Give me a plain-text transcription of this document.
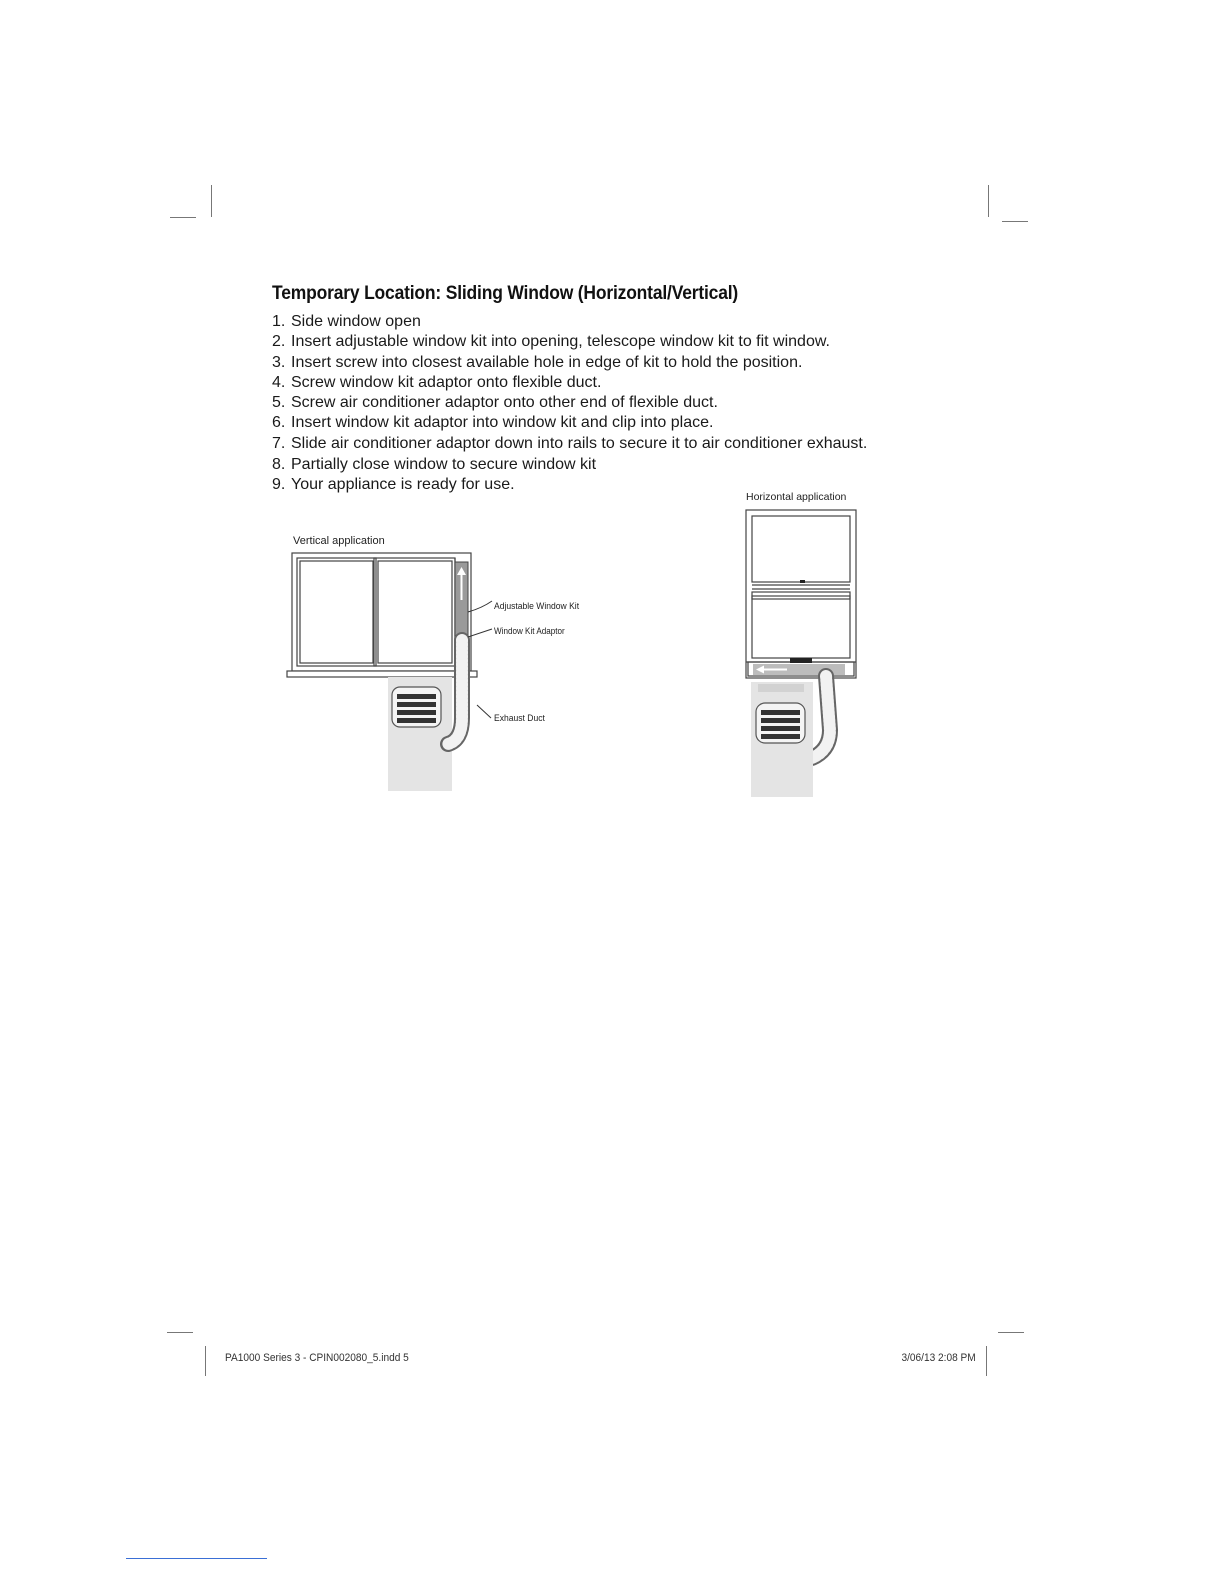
Temporary Location: Sliding Window (Horizontal/Vertical)
1. Side window open
2. Insert adjustable window kit into opening, telescope window kit to fit window.
3. Insert screw into closest available hole in edge of kit to hold the position.
4. Screw window kit adaptor onto flexible duct.
5. Screw air conditioner adaptor onto other end of flexible duct.
6. Insert window kit adaptor into window kit and clip into place.
7. Slide air conditioner adaptor down into rails to secure it to air conditioner exhaust.
8. Partially close window to secure window kit
9. Your appliance is ready for use.
Vertical application
Horizontal application
Adjustable Window Kit
Window Kit Adaptor
Exhaust Duct
PA1000 Series 3 - CPIN002080_5.indd 5	3/06/13 2:08 PM
